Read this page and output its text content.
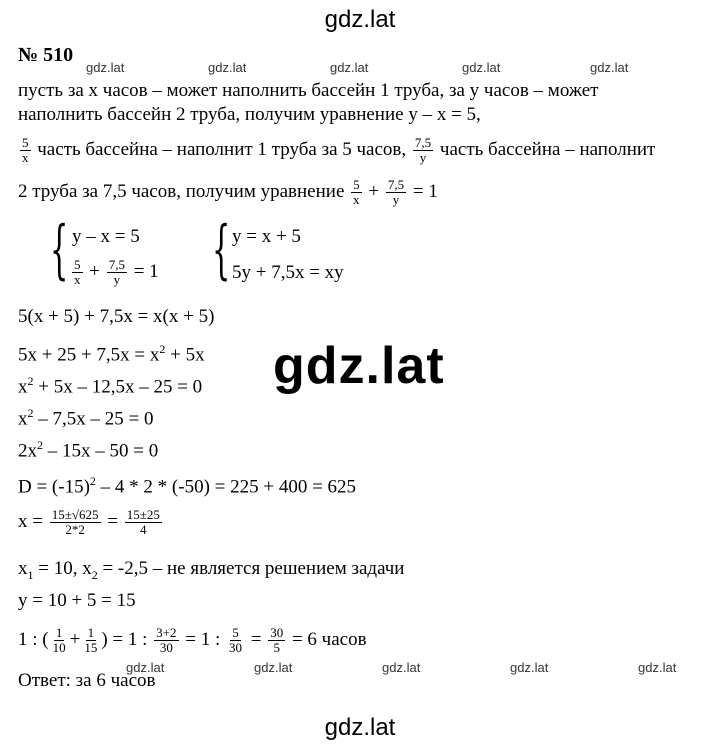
gdz.lat
gdz.lat
gdz.lat
gdz.lat	gdz.lat	gdz.lat	gdz.lat	gdz.lat
gdz.lat	gdz.lat	gdz.lat	gdz.lat	gdz.lat
№ 510
пусть за х часов – может наполнить бассейн 1 труба, за у часов – может
наполнить бассейн 2 труба, получим уравнение у – х = 5,
$\frac{5}{x}$ часть бассейна – наполнит 1 труба за 5 часов, $\frac{7,5}{y}$ часть бассейна – наполнит
2 труба за 7,5 часов, получим уравнение $\frac{5}{x} + \frac{7,5}{y} = 1$
{ y – x = 5
$\frac{5}{x} + \frac{7,5}{y} = 1$ { y = x + 5
5y + 7,5x = xy
5(x + 5) + 7,5x = x(x + 5)
$5x + 25 + 7,5x = x^2 + 5x$
$x^2 + 5x - 12,5x - 25 = 0$
$x^2 - 7,5x - 25 = 0$
$2x^2 - 15x - 50 = 0$
$D = (-15)^2 - 4 * 2 * (-50) = 225 + 400 = 625$
$x = \frac{15\pm√625}{2*2} = \frac{15\pm 25}{4}$
$x_1 = 10$, $x_2 = -2,5$ – не является решением задачи
y = 10 + 5 = 15
1 : ( $\frac{1}{10} + \frac{1}{15}$ ) = 1 : $\frac{3+2}{30} = 1$ : $\frac{5}{30} = \frac{30}{5} = 6$ часов
Ответ: за 6 часов
